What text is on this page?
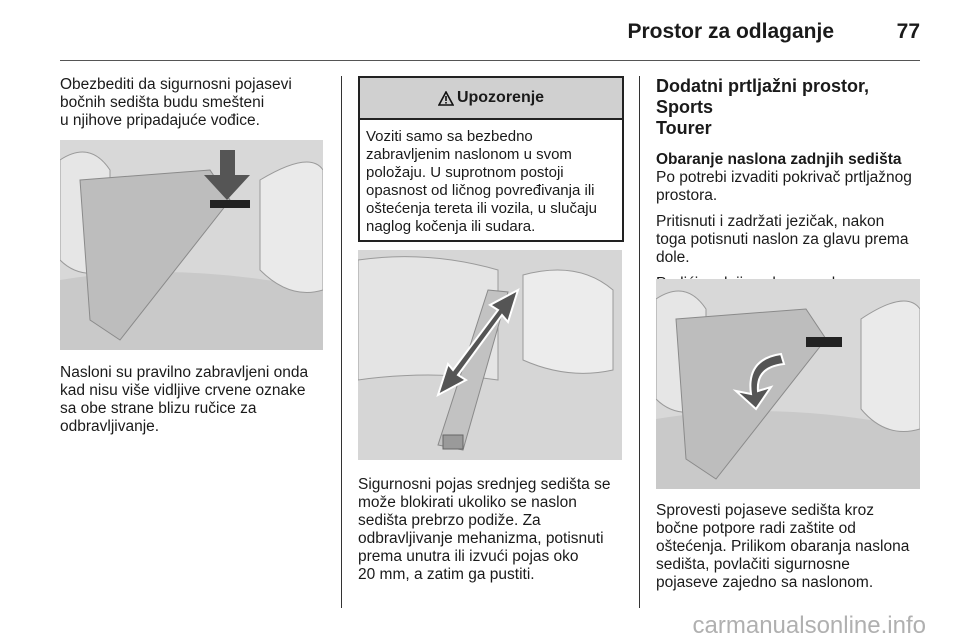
Prostor za odlaganje	77

Obezbediti da sigurnosni pojasevi

bočnih sedišta budu smešteni

u njihove pripadajuće vođice.

Nasloni su pravilno zabravljeni onda

kad nisu više vidljive crvene oznake

sa obe strane blizu ručice za

odbravljivanje.

Upozorenje
Voziti samo sa bezbedno
zabravljenim naslonom u svom
položaju. U suprotnom postoji
opasnost od ličnog povređivanja ili
oštećenja tereta ili vozila, u slučaju
naglog kočenja ili sudara.

Sigurnosni pojas srednjeg sedišta se

može blokirati ukoliko se naslon

sedišta prebrzo podiže. Za

odbravljivanje mehanizma, potisnuti

prema unutra ili izvući pojas oko

20 mm, a zatim ga pustiti.

Dodatni prtljažni prostor, Sports
Tourer

Obaranje naslona zadnjih sedišta

Po potrebi izvaditi pokrivač prtljažnog

prostora.

Pritisnuti i zadržati jezičak, nakon

toga potisnuti naslon za glavu prema

dole.

Sprovesti pojaseve sedišta kroz

bočne potpore radi zaštite od

oštećenja. Prilikom obaranja naslona

sedišta, povlačiti sigurnosne

pojaseve zajedno sa naslonom.

carmanualsonline.info
